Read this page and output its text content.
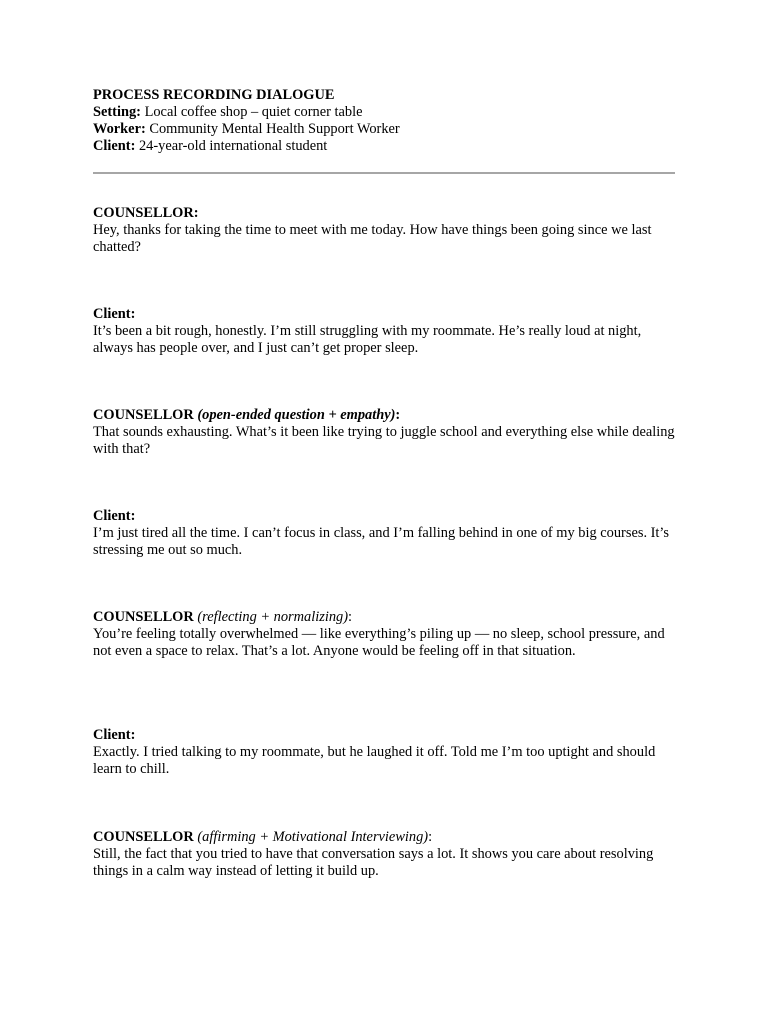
PROCESS RECORDING DIALOGUE

Setting: Local coffee shop – quiet corner table

Worker: Community Mental Health Support Worker

Client: 24-year-old international student

COUNSELLOR:

Hey, thanks for taking the time to meet with me today. How have things been going since we last chatted?

Client:

It’s been a bit rough, honestly. I’m still struggling with my roommate. He’s really loud at night, always has people over, and I just can’t get proper sleep.

COUNSELLOR (open-ended question + empathy):

That sounds exhausting. What’s it been like trying to juggle school and everything else while dealing with that?

Client:

I’m just tired all the time. I can’t focus in class, and I’m falling behind in one of my big courses. It’s stressing me out so much.

COUNSELLOR (reflecting + normalizing):

You’re feeling totally overwhelmed — like everything’s piling up — no sleep, school pressure, and not even a space to relax. That’s a lot. Anyone would be feeling off in that situation.

Client:

Exactly. I tried talking to my roommate, but he laughed it off. Told me I’m too uptight and should learn to chill.

COUNSELLOR (affirming + Motivational Interviewing):

Still, the fact that you tried to have that conversation says a lot. It shows you care about resolving things in a calm way instead of letting it build up.
